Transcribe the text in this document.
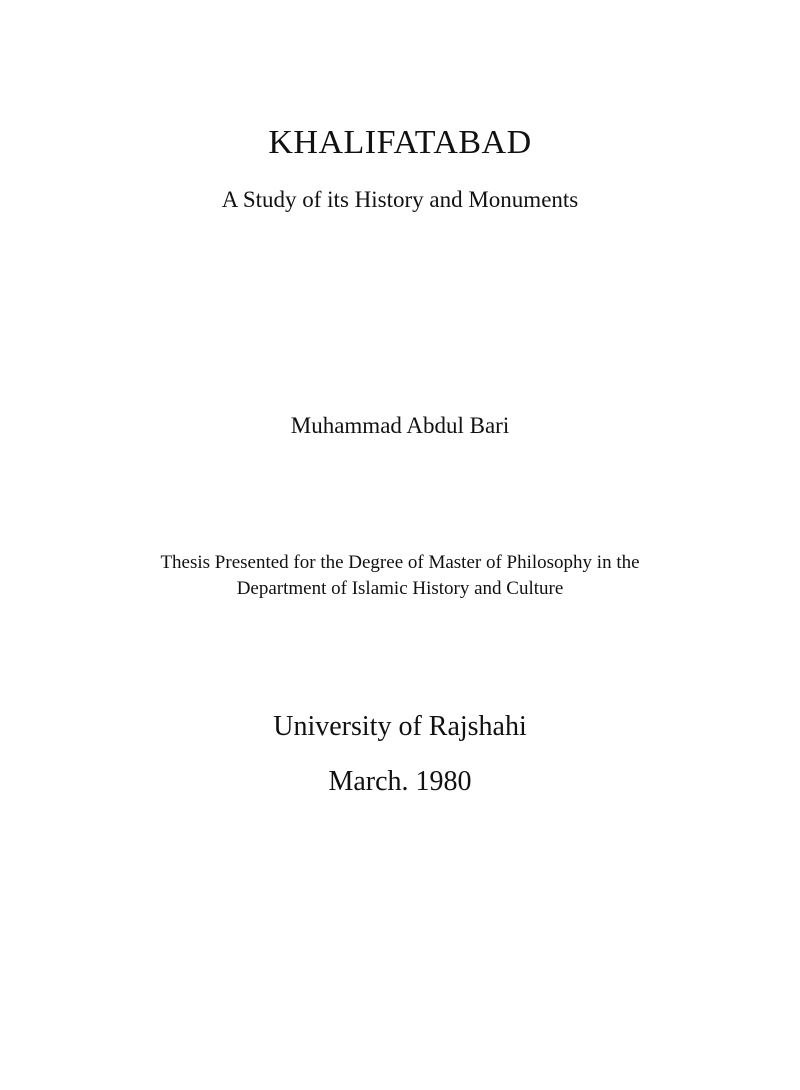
KHALIFATABAD
A Study of its History and Monuments
Muhammad Abdul Bari
Thesis Presented for the Degree of Master of Philosophy in the
Department of Islamic History and Culture
University of Rajshahi
March. 1980
